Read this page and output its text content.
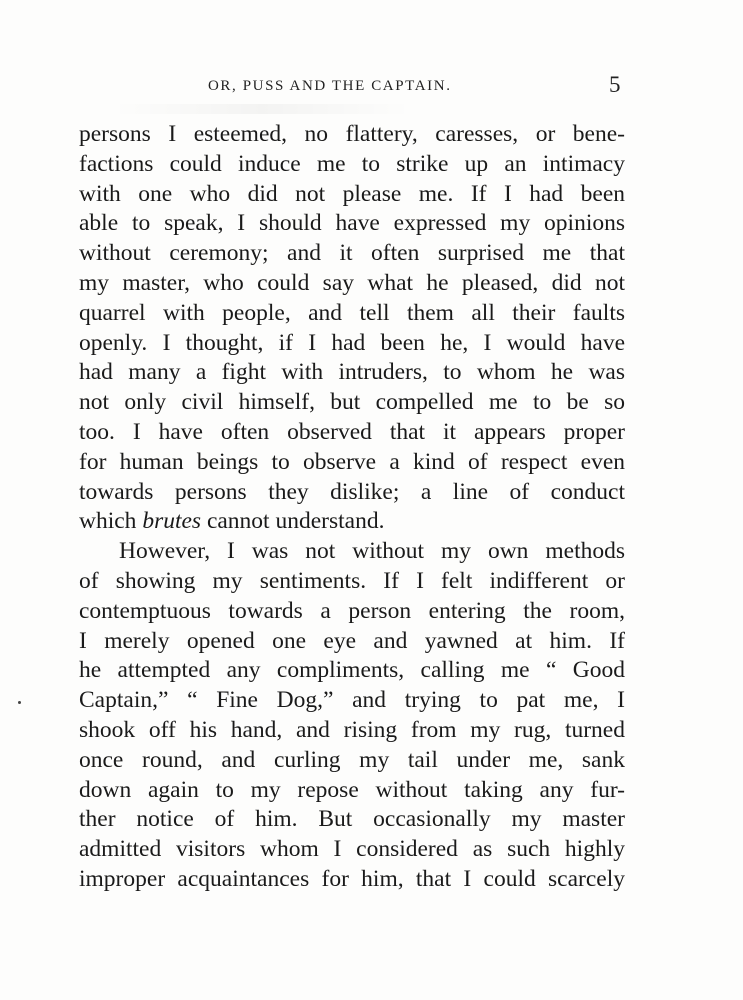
OR, PUSS AND THE CAPTAIN.	5
persons I esteemed, no flattery, caresses, or bene-
factions could induce me to strike up an intimacy
with one who did not please me. If I had been
able to speak, I should have expressed my opinions
without ceremony; and it often surprised me that
my master, who could say what he pleased, did not
quarrel with people, and tell them all their faults
openly. I thought, if I had been he, I would have
had many a fight with intruders, to whom he was
not only civil himself, but compelled me to be so
too. I have often observed that it appears proper
for human beings to observe a kind of respect even
towards persons they dislike; a line of conduct
which brutes cannot understand.
However, I was not without my own methods
of showing my sentiments. If I felt indifferent or
contemptuous towards a person entering the room,
I merely opened one eye and yawned at him. If
he attempted any compliments, calling me “ Good
Captain,” “ Fine Dog,” and trying to pat me, I
shook off his hand, and rising from my rug, turned
once round, and curling my tail under me, sank
down again to my repose without taking any fur-
ther notice of him. But occasionally my master
admitted visitors whom I considered as such highly
improper acquaintances for him, that I could scarcely
